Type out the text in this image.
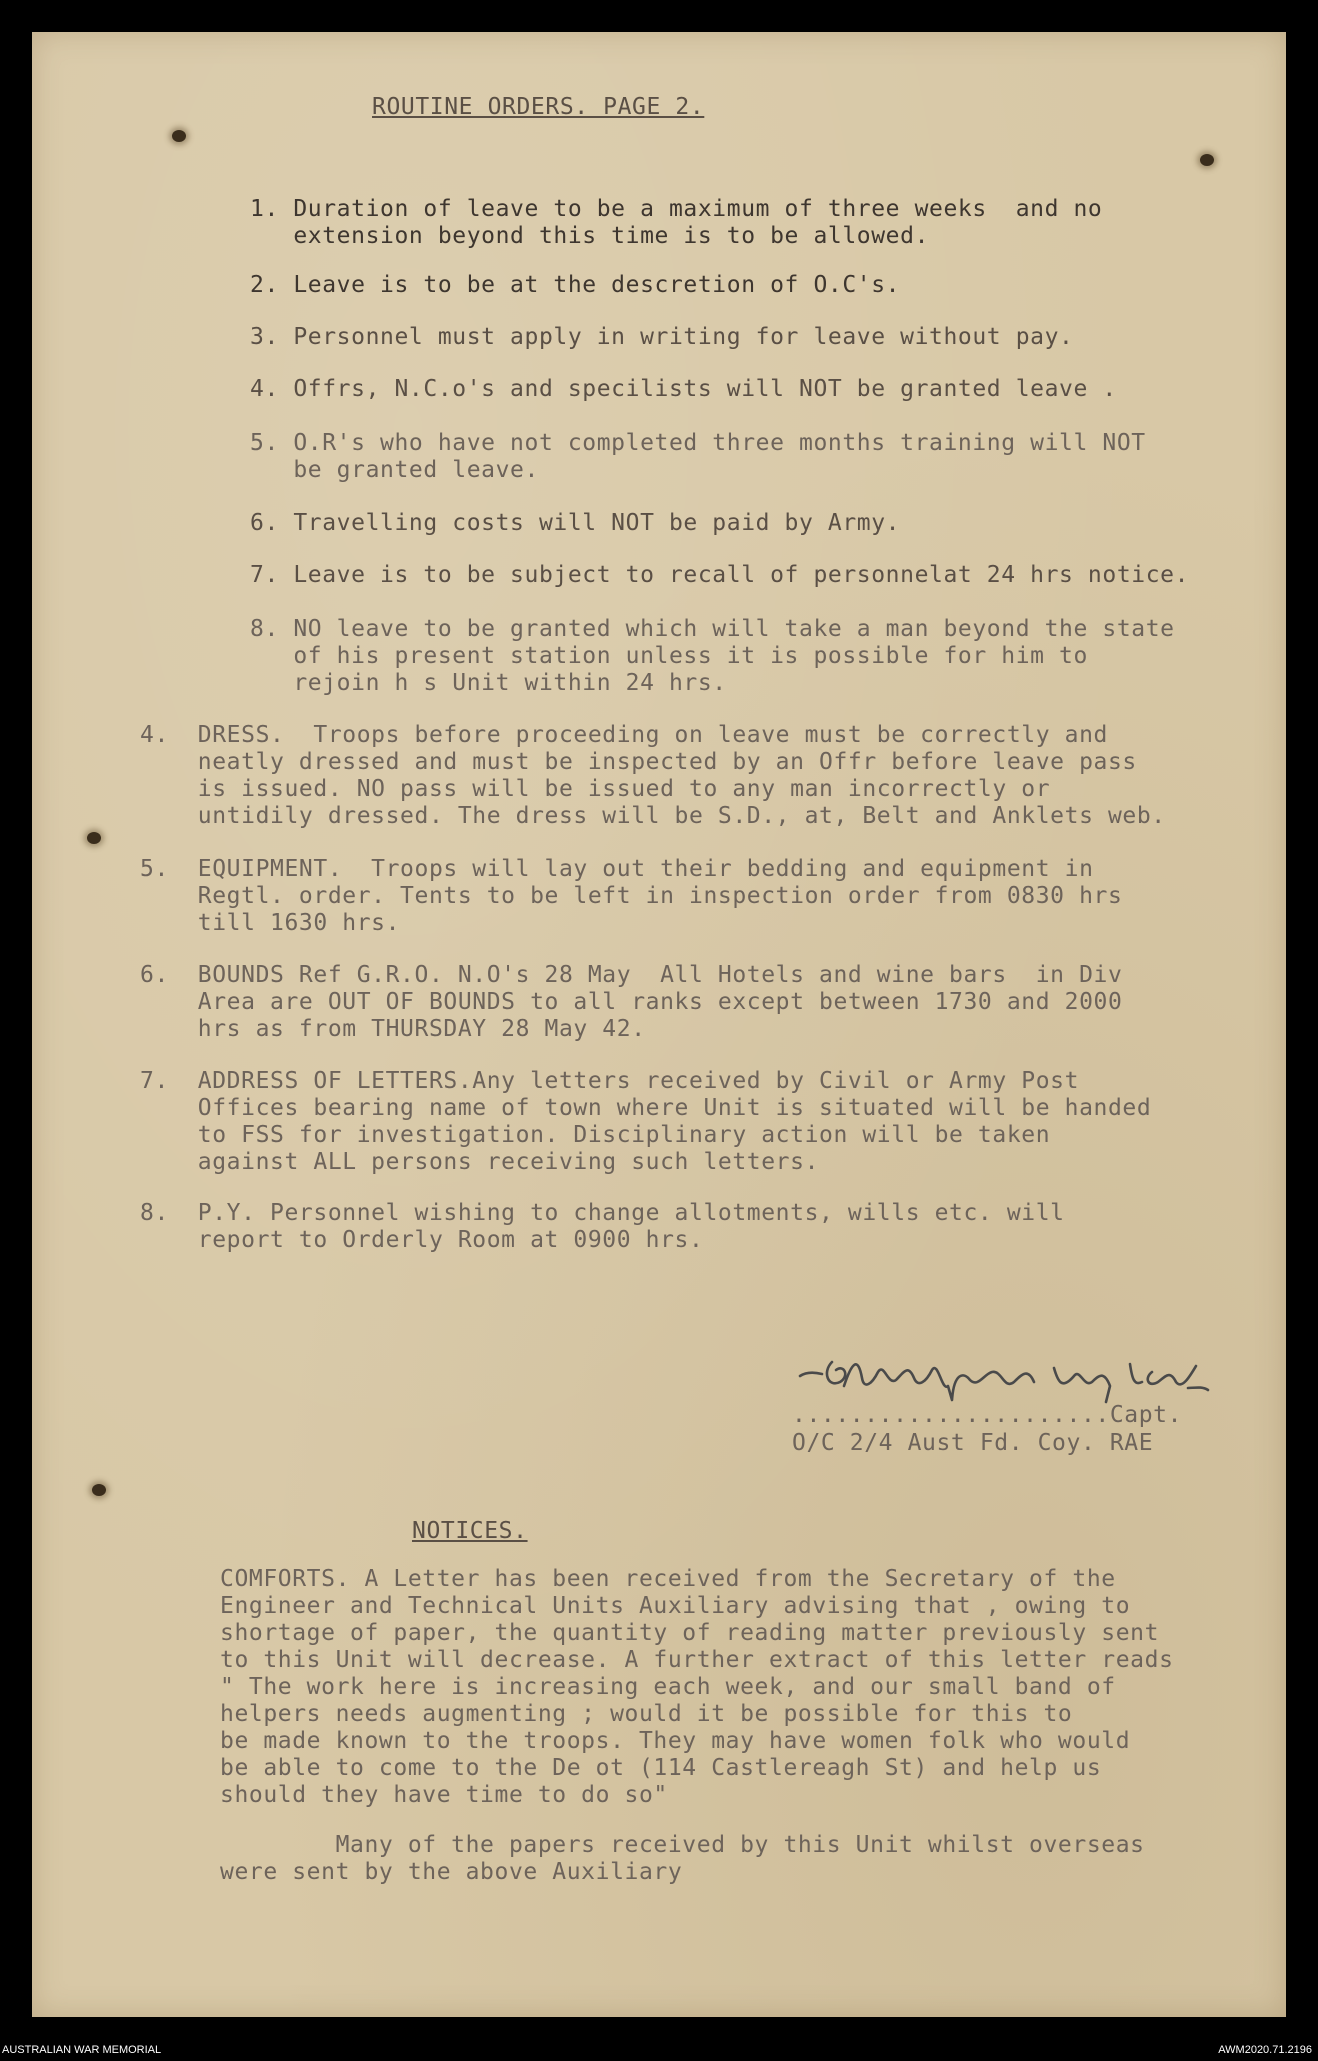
ROUTINE ORDERS. PAGE 2.

1. Duration of leave to be a maximum of three weeks  and no
extension beyond this time is to be allowed.
2. Leave is to be at the descretion of O.C's.
3. Personnel must apply in writing for leave without pay.
4. Offrs, N.C.o's and specilists will NOT be granted leave .
5. O.R's who have not completed three months training will NOT
be granted leave.
6. Travelling costs will NOT be paid by Army.
7. Leave is to be subject to recall of personnelat 24 hrs notice.
8. NO leave to be granted which will take a man beyond the state
of his present station unless it is possible for him to
rejoin h s Unit within 24 hrs.
4.  DRESS.  Troops before proceeding on leave must be correctly and
neatly dressed and must be inspected by an Offr before leave pass
is issued. NO pass will be issued to any man incorrectly or
untidily dressed. The dress will be S.D., at, Belt and Anklets web.
5.  EQUIPMENT.  Troops will lay out their bedding and equipment in
Regtl. order. Tents to be left in inspection order from 0830 hrs
till 1630 hrs.
6.  BOUNDS Ref G.R.O. N.O's 28 May  All Hotels and wine bars  in Div
Area are OUT OF BOUNDS to all ranks except between 1730 and 2000
hrs as from THURSDAY 28 May 42.
7.  ADDRESS OF LETTERS.Any letters received by Civil or Army Post
Offices bearing name of town where Unit is situated will be handed
to FSS for investigation. Disciplinary action will be taken
against ALL persons receiving such letters.
8.  P.Y. Personnel wishing to change allotments, wills etc. will
report to Orderly Room at 0900 hrs.
......................Capt.
O/C 2/4 Aust Fd. Coy. RAE

NOTICES.

COMFORTS. A Letter has been received from the Secretary of the
Engineer and Technical Units Auxiliary advising that , owing to
shortage of paper, the quantity of reading matter previously sent
to this Unit will decrease. A further extract of this letter reads
" The work here is increasing each week, and our small band of
helpers needs augmenting ; would it be possible for this to
be made known to the troops. They may have women folk who would
be able to come to the De ot (114 Castlereagh St) and help us
should they have time to do so"
Many of the papers received by this Unit whilst overseas
were sent by the above Auxiliary
AUSTRALIAN WAR MEMORIAL	AWM2020.71.2196
